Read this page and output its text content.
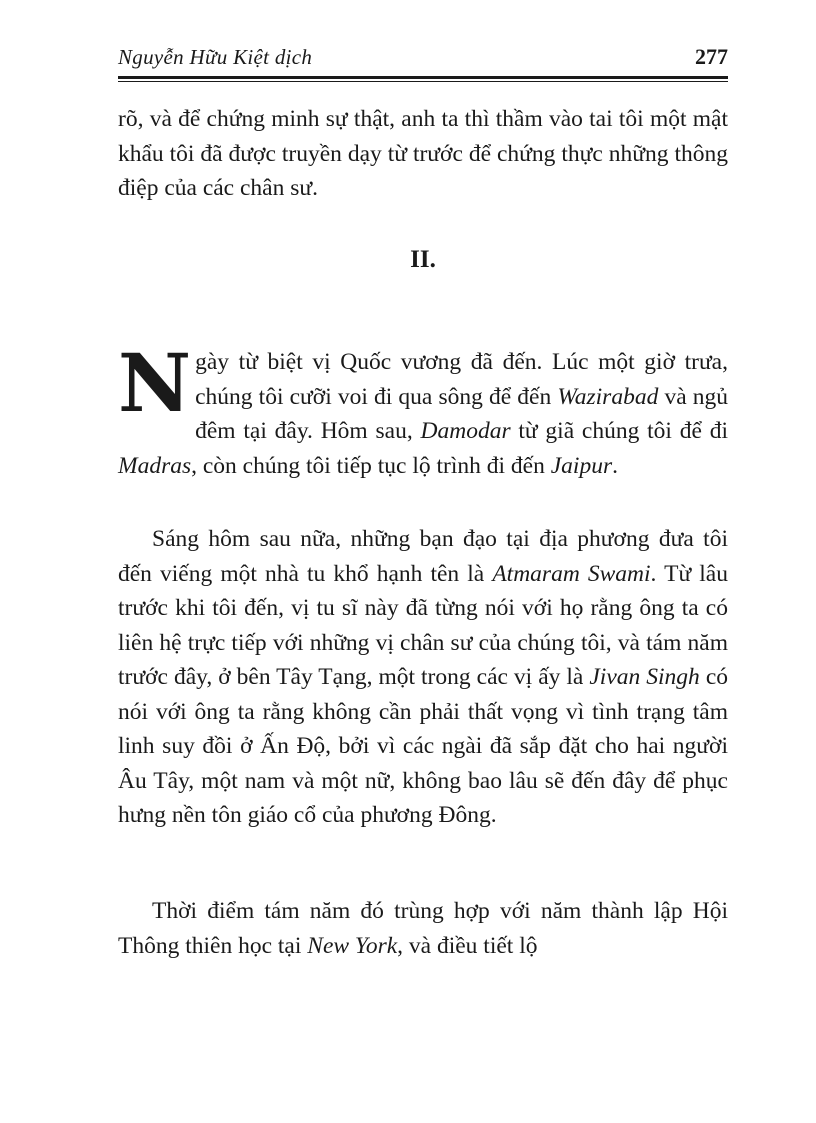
Nguyễn Hữu Kiệt dịch	277

rõ, và để chứng minh sự thật, anh ta thì thầm vào tai tôi một mật khẩu tôi đã được truyền dạy từ trước để chứng thực những thông điệp của các chân sư.

II.

Ngày từ biệt vị Quốc vương đã đến. Lúc một giờ trưa, chúng tôi cưỡi voi đi qua sông để đến Wazirabad và ngủ đêm tại đây. Hôm sau, Damodar từ giã chúng tôi để đi Madras, còn chúng tôi tiếp tục lộ trình đi đến Jaipur.

Sáng hôm sau nữa, những bạn đạo tại địa phương đưa tôi đến viếng một nhà tu khổ hạnh tên là Atmaram Swami. Từ lâu trước khi tôi đến, vị tu sĩ này đã từng nói với họ rằng ông ta có liên hệ trực tiếp với những vị chân sư của chúng tôi, và tám năm trước đây, ở bên Tây Tạng, một trong các vị ấy là Jivan Singh có nói với ông ta rằng không cần phải thất vọng vì tình trạng tâm linh suy đồi ở Ấn Độ, bởi vì các ngài đã sắp đặt cho hai người Âu Tây, một nam và một nữ, không bao lâu sẽ đến đây để phục hưng nền tôn giáo cổ của phương Đông.

Thời điểm tám năm đó trùng hợp với năm thành lập Hội Thông thiên học tại New York, và điều tiết lộ
